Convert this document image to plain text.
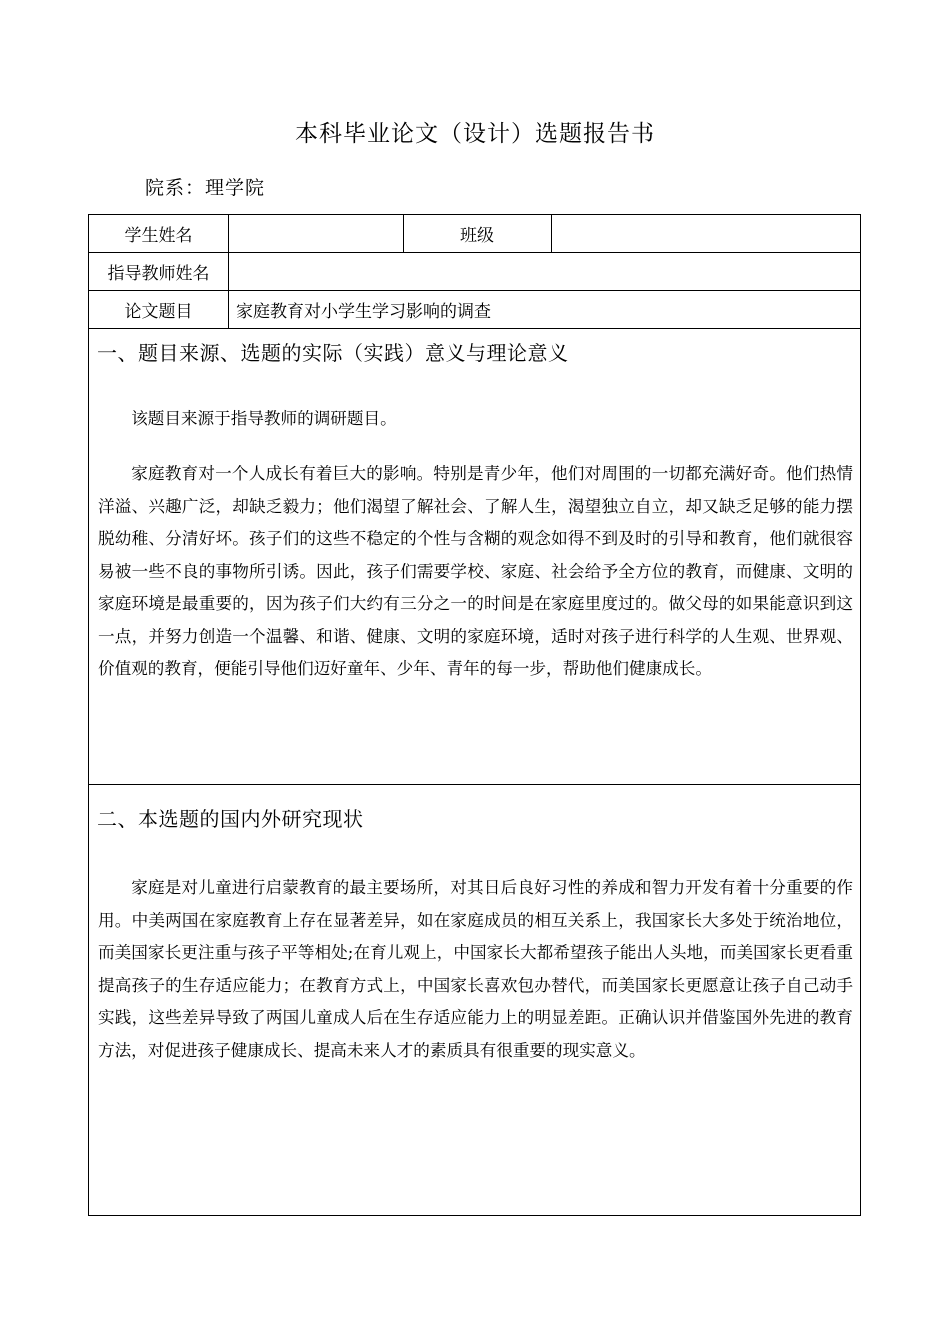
本科毕业论文（设计）选题报告书
院系：理学院
学生姓名	班级
指导教师姓名
论文题目	家庭教育对小学生学习影响的调查
一、题目来源、选题的实际（实践）意义与理论意义

该题目来源于指导教师的调研题目。

家庭教育对一个人成长有着巨大的影响。特别是青少年，他们对周围的一切都充满好奇。他们热情洋溢、兴趣广泛，却缺乏毅力；他们渴望了解社会、了解人生，渴望独立自立，却又缺乏足够的能力摆脱幼稚、分清好坏。孩子们的这些不稳定的个性与含糊的观念如得不到及时的引导和教育，他们就很容易被一些不良的事物所引诱。因此，孩子们需要学校、家庭、社会给予全方位的教育，而健康、文明的家庭环境是最重要的，因为孩子们大约有三分之一的时间是在家庭里度过的。做父母的如果能意识到这一点，并努力创造一个温馨、和谐、健康、文明的家庭环境，适时对孩子进行科学的人生观、世界观、价值观的教育，便能引导他们迈好童年、少年、青年的每一步，帮助他们健康成长。

二、本选题的国内外研究现状

家庭是对儿童进行启蒙教育的最主要场所，对其日后良好习性的养成和智力开发有着十分重要的作用。中美两国在家庭教育上存在显著差异，如在家庭成员的相互关系上，我国家长大多处于统治地位，而美国家长更注重与孩子平等相处;在育儿观上，中国家长大都希望孩子能出人头地，而美国家长更看重提高孩子的生存适应能力；在教育方式上，中国家长喜欢包办替代，而美国家长更愿意让孩子自己动手实践，这些差异导致了两国儿童成人后在生存适应能力上的明显差距。正确认识并借鉴国外先进的教育方法，对促进孩子健康成长、提高未来人才的素质具有很重要的现实意义。
